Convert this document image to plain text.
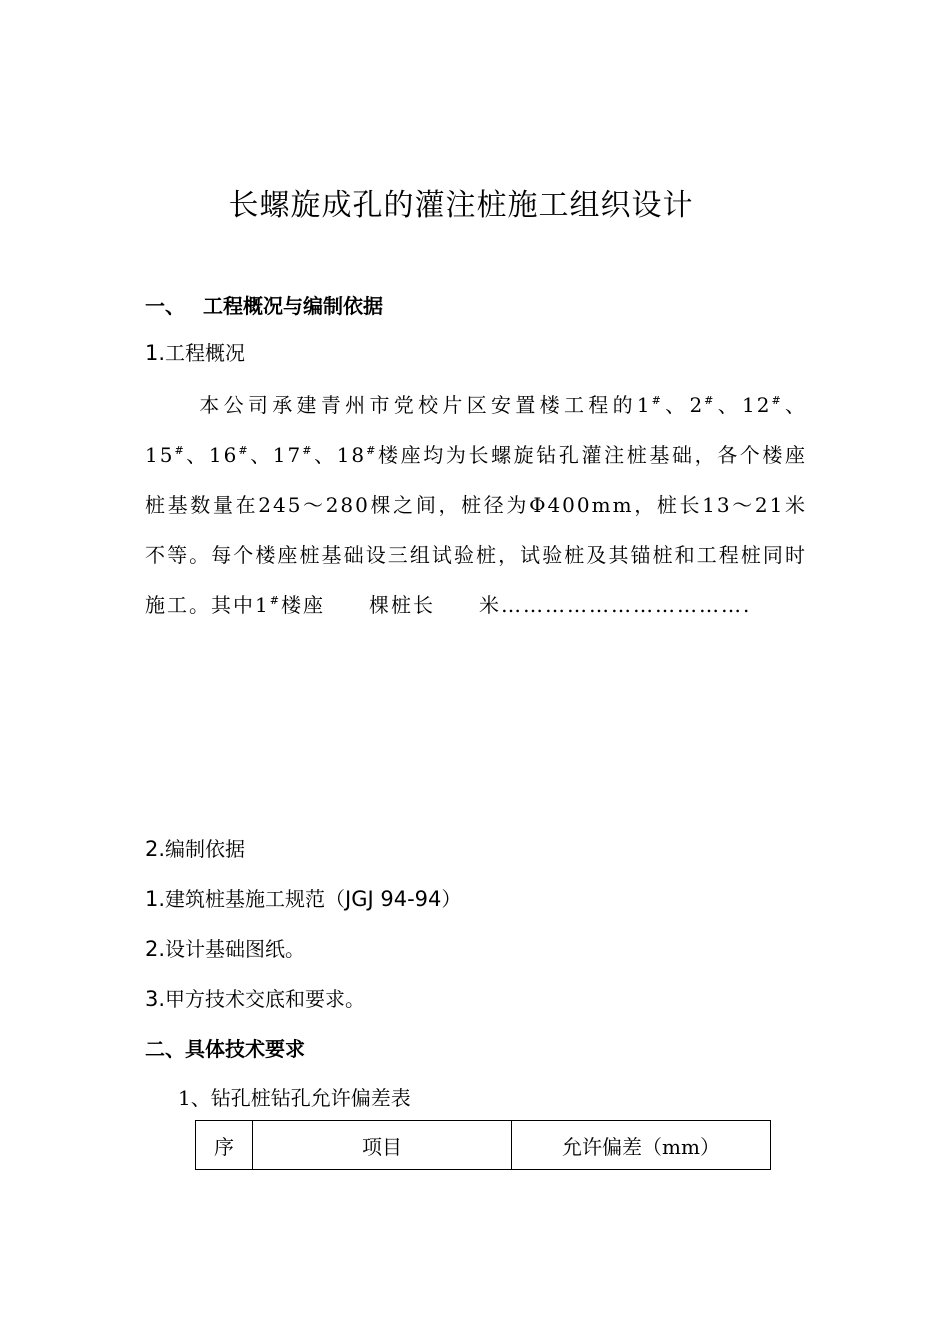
长螺旋成孔的灌注桩施工组织设计
一、 工程概况与编制依据
1.工程概况
本公司承建青州市党校片区安置楼工程的1#、2#、12#、15#、16#、17#、18#楼座均为长螺旋钻孔灌注桩基础，各个楼座桩基数量在245～280棵之间，桩径为Φ400mm，桩长13～21米不等。每个楼座桩基础设三组试验桩，试验桩及其锚桩和工程桩同时施工。其中1#楼座　　棵桩长　　米…………………………….
2.编制依据
1.建筑桩基施工规范（JGJ 94-94）
2.设计基础图纸。
3.甲方技术交底和要求。
二、具体技术要求
1、钻孔桩钻孔允许偏差表
序	项目	允许偏差（mm）
